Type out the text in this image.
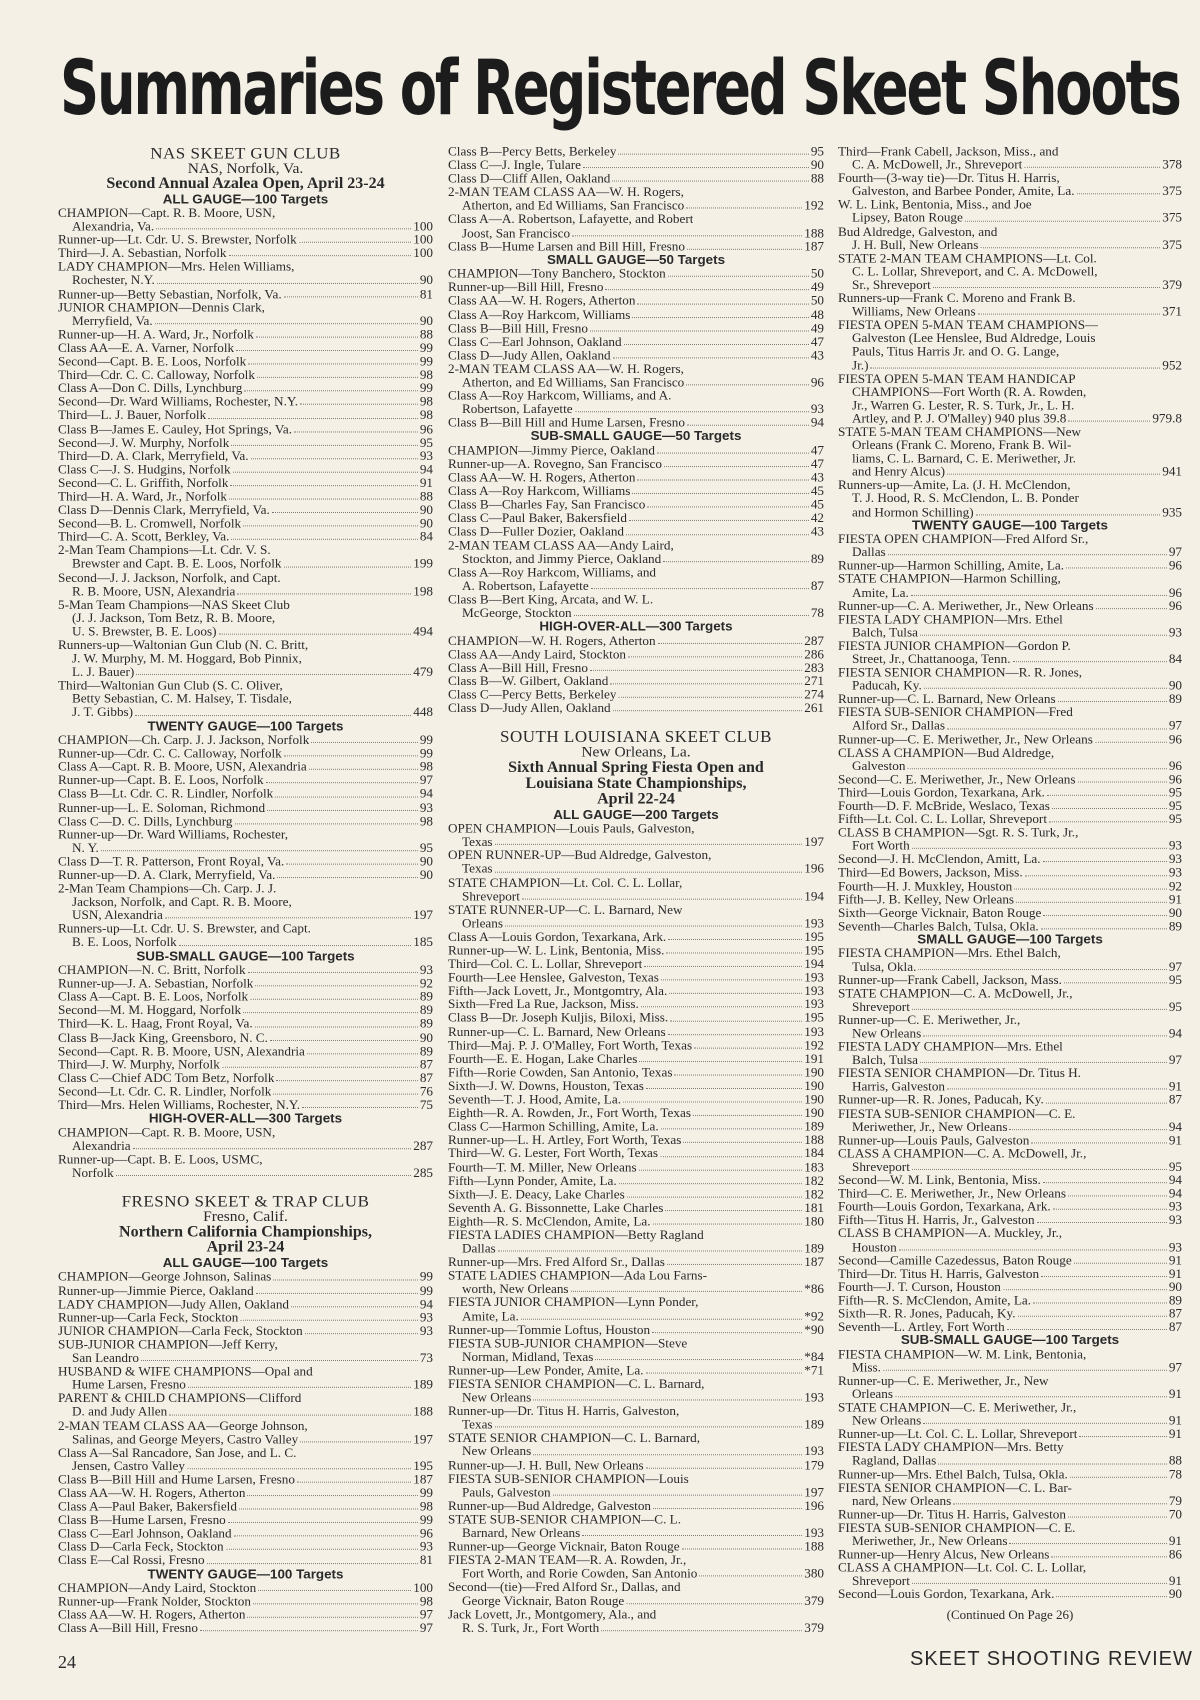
Summaries of Registered Skeet Shoots

NAS SKEET GUN CLUB

NAS, Norfolk, Va.

Second Annual Azalea Open, April 23-24

ALL GAUGE—100 Targets

CHAMPION—Capt. R. B. Moore, USN,

Alexandria, Va.	100

Runner-up—Lt. Cdr. U. S. Brewster, Norfolk	100

Third—J. A. Sebastian, Norfolk	100

LADY CHAMPION—Mrs. Helen Williams,

Rochester, N.Y.	90

Runner-up—Betty Sebastian, Norfolk, Va.	81

JUNIOR CHAMPION—Dennis Clark,

Merryfield, Va.	90

Runner-up—H. A. Ward, Jr., Norfolk	88

Class AA—E. A. Varner, Norfolk	99

Second—Capt. B. E. Loos, Norfolk	99

Third—Cdr. C. C. Calloway, Norfolk	98

Class A—Don C. Dills, Lynchburg	99

Second—Dr. Ward Williams, Rochester, N.Y.	98

Third—L. J. Bauer, Norfolk	98

Class B—James E. Cauley, Hot Springs, Va.	96

Second—J. W. Murphy, Norfolk	95

Third—D. A. Clark, Merryfield, Va.	93

Class C—J. S. Hudgins, Norfolk	94

Second—C. L. Griffith, Norfolk	91

Third—H. A. Ward, Jr., Norfolk	88

Class D—Dennis Clark, Merryfield, Va.	90

Second—B. L. Cromwell, Norfolk	90

Third—C. A. Scott, Berkley, Va.	84

2-Man Team Champions—Lt. Cdr. V. S.

Brewster and Capt. B. E. Loos, Norfolk	199

Second—J. J. Jackson, Norfolk, and Capt.

R. B. Moore, USN, Alexandria	198

5-Man Team Champions—NAS Skeet Club

(J. J. Jackson, Tom Betz, R. B. Moore,

U. S. Brewster, B. E. Loos)	494

Runners-up—Waltonian Gun Club (N. C. Britt,

J. W. Murphy, M. M. Hoggard, Bob Pinnix,

L. J. Bauer)	479

Third—Waltonian Gun Club (S. C. Oliver,

Betty Sebastian, C. M. Halsey, T. Tisdale,

J. T. Gibbs)	448

TWENTY GAUGE—100 Targets

CHAMPION—Ch. Carp. J. J. Jackson, Norfolk	99

Runner-up—Cdr. C. C. Calloway, Norfolk	99

Class A—Capt. R. B. Moore, USN, Alexandria	98

Runner-up—Capt. B. E. Loos, Norfolk	97

Class B—Lt. Cdr. C. R. Lindler, Norfolk	94

Runner-up—L. E. Soloman, Richmond	93

Class C—D. C. Dills, Lynchburg	98

Runner-up—Dr. Ward Williams, Rochester,

N. Y.	95

Class D—T. R. Patterson, Front Royal, Va.	90

Runner-up—D. A. Clark, Merryfield, Va.	90

2-Man Team Champions—Ch. Carp. J. J.

Jackson, Norfolk, and Capt. R. B. Moore,

USN, Alexandria	197

Runners-up—Lt. Cdr. U. S. Brewster, and Capt.

B. E. Loos, Norfolk	185

SUB-SMALL GAUGE—100 Targets

CHAMPION—N. C. Britt, Norfolk	93

Runner-up—J. A. Sebastian, Norfolk	92

Class A—Capt. B. E. Loos, Norfolk	89

Second—M. M. Hoggard, Norfolk	89

Third—K. L. Haag, Front Royal, Va.	89

Class B—Jack King, Greensboro, N. C.	90

Second—Capt. R. B. Moore, USN, Alexandria	89

Third—J. W. Murphy, Norfolk	87

Class C—Chief ADC Tom Betz, Norfolk	87

Second—Lt. Cdr. C. R. Lindler, Norfolk	76

Third—Mrs. Helen Williams, Rochester, N.Y.	75

HIGH-OVER-ALL—300 Targets

CHAMPION—Capt. R. B. Moore, USN,

Alexandria	287

Runner-up—Capt. B. E. Loos, USMC,

Norfolk	285

FRESNO SKEET & TRAP CLUB

Fresno, Calif.

Northern California Championships,

April 23-24

ALL GAUGE—100 Targets

CHAMPION—George Johnson, Salinas	99

Runner-up—Jimmie Pierce, Oakland	99

LADY CHAMPION—Judy Allen, Oakland	94

Runner-up—Carla Feck, Stockton	93

JUNIOR CHAMPION—Carla Feck, Stockton	93

SUB-JUNIOR CHAMPION—Jeff Kerry,

San Leandro	73

HUSBAND & WIFE CHAMPIONS—Opal and

Hume Larsen, Fresno	189

PARENT & CHILD CHAMPIONS—Clifford

D. and Judy Allen	188

2-MAN TEAM CLASS AA—George Johnson,

Salinas, and George Meyers, Castro Valley	197

Class A—Sal Rancadore, San Jose, and L. C.

Jensen, Castro Valley	195

Class B—Bill Hill and Hume Larsen, Fresno	187

Class AA—W. H. Rogers, Atherton	99

Class A—Paul Baker, Bakersfield	98

Class B—Hume Larsen, Fresno	99

Class C—Earl Johnson, Oakland	96

Class D—Carla Feck, Stockton	93

Class E—Cal Rossi, Fresno	81

TWENTY GAUGE—100 Targets

CHAMPION—Andy Laird, Stockton	100

Runner-up—Frank Nolder, Stockton	98

Class AA—W. H. Rogers, Atherton	97

Class A—Bill Hill, Fresno	97

Class B—Percy Betts, Berkeley	95

Class C—J. Ingle, Tulare	90

Class D—Cliff Allen, Oakland	88

2-MAN TEAM CLASS AA—W. H. Rogers,

Atherton, and Ed Williams, San Francisco	192

Class A—A. Robertson, Lafayette, and Robert

Joost, San Francisco	188

Class B—Hume Larsen and Bill Hill, Fresno	187

SMALL GAUGE—50 Targets

CHAMPION—Tony Banchero, Stockton	50

Runner-up—Bill Hill, Fresno	49

Class AA—W. H. Rogers, Atherton	50

Class A—Roy Harkcom, Williams	48

Class B—Bill Hill, Fresno	49

Class C—Earl Johnson, Oakland	47

Class D—Judy Allen, Oakland	43

2-MAN TEAM CLASS AA—W. H. Rogers,

Atherton, and Ed Williams, San Francisco	96

Class A—Roy Harkcom, Williams, and A.

Robertson, Lafayette	93

Class B—Bill Hill and Hume Larsen, Fresno	94

SUB-SMALL GAUGE—50 Targets

CHAMPION—Jimmy Pierce, Oakland	47

Runner-up—A. Rovegno, San Francisco	47

Class AA—W. H. Rogers, Atherton	43

Class A—Roy Harkcom, Williams	45

Class B—Charles Fay, San Francisco	45

Class C—Paul Baker, Bakersfield	42

Class D—Fuller Dozier, Oakland	43

2-MAN TEAM CLASS AA—Andy Laird,

Stockton, and Jimmy Pierce, Oakland	89

Class A—Roy Harkcom, Williams, and

A. Robertson, Lafayette	87

Class B—Bert King, Arcata, and W. L.

McGeorge, Stockton	78

HIGH-OVER-ALL—300 Targets

CHAMPION—W. H. Rogers, Atherton	287

Class AA—Andy Laird, Stockton	286

Class A—Bill Hill, Fresno	283

Class B—W. Gilbert, Oakland	271

Class C—Percy Betts, Berkeley	274

Class D—Judy Allen, Oakland	261

SOUTH LOUISIANA SKEET CLUB

New Orleans, La.

Sixth Annual Spring Fiesta Open and

Louisiana State Championships,

April 22-24

ALL GAUGE—200 Targets

OPEN CHAMPION—Louis Pauls, Galveston,

Texas	197

OPEN RUNNER-UP—Bud Aldredge, Galveston,

Texas	196

STATE CHAMPION—Lt. Col. C. L. Lollar,

Shreveport	194

STATE RUNNER-UP—C. L. Barnard, New

Orleans	193

Class A—Louis Gordon, Texarkana, Ark.	195

Runner-up—W. L. Link, Bentonia, Miss.	195

Third—Col. C. L. Lollar, Shreveport	194

Fourth—Lee Henslee, Galveston, Texas	193

Fifth—Jack Lovett, Jr., Montgomtry, Ala.	193

Sixth—Fred La Rue, Jackson, Miss.	193

Class B—Dr. Joseph Kuljis, Biloxi, Miss.	195

Runner-up—C. L. Barnard, New Orleans	193

Third—Maj. P. J. O'Malley, Fort Worth, Texas	192

Fourth—E. E. Hogan, Lake Charles	191

Fifth—Rorie Cowden, San Antonio, Texas	190

Sixth—J. W. Downs, Houston, Texas	190

Seventh—T. J. Hood, Amite, La.	190

Eighth—R. A. Rowden, Jr., Fort Worth, Texas	190

Class C—Harmon Schilling, Amite, La.	189

Runner-up—L. H. Artley, Fort Worth, Texas	188

Third—W. G. Lester, Fort Worth, Texas	184

Fourth—T. M. Miller, New Orleans	183

Fifth—Lynn Ponder, Amite, La.	182

Sixth—J. E. Deacy, Lake Charles	182

Seventh A. G. Bissonnette, Lake Charles	181

Eighth—R. S. McClendon, Amite, La.	180

FIESTA LADIES CHAMPION—Betty Ragland

Dallas	189

Runner-up—Mrs. Fred Alford Sr., Dallas	187

STATE LADIES CHAMPION—Ada Lou Farns-

worth, New Orleans	*86

FIESTA JUNIOR CHAMPION—Lynn Ponder,

Amite, La.	*92

Runner-up—Tommie Loftus, Houston	*90

FIESTA SUB-JUNIOR CHAMPION—Steve

Norman, Midland, Texas	*84

Runner-up—Lew Ponder, Amite, La.	*71

FIESTA SENIOR CHAMPION—C. L. Barnard,

New Orleans	193

Runner-up—Dr. Titus H. Harris, Galveston,

Texas	189

STATE SENIOR CHAMPION—C. L. Barnard,

New Orleans	193

Runner-up—J. H. Bull, New Orleans	179

FIESTA SUB-SENIOR CHAMPION—Louis

Pauls, Galveston	197

Runner-up—Bud Aldredge, Galveston	196

STATE SUB-SENIOR CHAMPION—C. L.

Barnard, New Orleans	193

Runner-up—George Vicknair, Baton Rouge	188

FIESTA 2-MAN TEAM—R. A. Rowden, Jr.,

Fort Worth, and Rorie Cowden, San Antonio	380

Second—(tie)—Fred Alford Sr., Dallas, and

George Vicknair, Baton Rouge	379

Jack Lovett, Jr., Montgomery, Ala., and

R. S. Turk, Jr., Fort Worth	379

Third—Frank Cabell, Jackson, Miss., and

C. A. McDowell, Jr., Shreveport	378

Fourth—(3-way tie)—Dr. Titus H. Harris,

Galveston, and Barbee Ponder, Amite, La.	375

W. L. Link, Bentonia, Miss., and Joe

Lipsey, Baton Rouge	375

Bud Aldredge, Galveston, and

J. H. Bull, New Orleans	375

STATE 2-MAN TEAM CHAMPIONS—Lt. Col.

C. L. Lollar, Shreveport, and C. A. McDowell,

Sr., Shreveport	379

Runners-up—Frank C. Moreno and Frank B.

Williams, New Orleans	371

FIESTA OPEN 5-MAN TEAM CHAMPIONS—

Galveston (Lee Henslee, Bud Aldredge, Louis

Pauls, Titus Harris Jr. and O. G. Lange,

Jr.)	952

FIESTA OPEN 5-MAN TEAM HANDICAP

CHAMPIONS—Fort Worth (R. A. Rowden,

Jr., Warren G. Lester, R. S. Turk, Jr., L. H.

Artley, and P. J. O'Malley) 940 plus 39.8	979.8

STATE 5-MAN TEAM CHAMPIONS—New

Orleans (Frank C. Moreno, Frank B. Wil-

liams, C. L. Barnard, C. E. Meriwether, Jr.

and Henry Alcus)	941

Runners-up—Amite, La. (J. H. McClendon,

T. J. Hood, R. S. McClendon, L. B. Ponder

and Hormon Schilling)	935

TWENTY GAUGE—100 Targets

FIESTA OPEN CHAMPION—Fred Alford Sr.,

Dallas	97

Runner-up—Harmon Schilling, Amite, La.	96

STATE CHAMPION—Harmon Schilling,

Amite, La.	96

Runner-up—C. A. Meriwether, Jr., New Orleans	96

FIESTA LADY CHAMPION—Mrs. Ethel

Balch, Tulsa	93

FIESTA JUNIOR CHAMPION—Gordon P.

Street, Jr., Chattanooga, Tenn.	84

FIESTA SENIOR CHAMPION—R. R. Jones,

Paducah, Ky.	90

Runner-up—C. L. Barnard, New Orleans	89

FIESTA SUB-SENIOR CHAMPION—Fred

Alford Sr., Dallas	97

Runner-up—C. E. Meriwether, Jr., New Orleans	96

CLASS A CHAMPION—Bud Aldredge,

Galveston	96

Second—C. E. Meriwether, Jr., New Orleans	96

Third—Louis Gordon, Texarkana, Ark.	95

Fourth—D. F. McBride, Weslaco, Texas	95

Fifth—Lt. Col. C. L. Lollar, Shreveport	95

CLASS B CHAMPION—Sgt. R. S. Turk, Jr.,

Fort Worth	93

Second—J. H. McClendon, Amitt, La.	93

Third—Ed Bowers, Jackson, Miss.	93

Fourth—H. J. Muxkley, Houston	92

Fifth—J. B. Kelley, New Orleans	91

Sixth—George Vicknair, Baton Rouge	90

Seventh—Charles Balch, Tulsa, Okla.	89

SMALL GAUGE—100 Targets

FIESTA CHAMPION—Mrs. Ethel Balch,

Tulsa, Okla.	97

Runner-up—Frank Cabell, Jackson, Mass.	95

STATE CHAMPION—C. A. McDowell, Jr.,

Shreveport	95

Runner-up—C. E. Meriwether, Jr.,

New Orleans	94

FIESTA LADY CHAMPION—Mrs. Ethel

Balch, Tulsa	97

FIESTA SENIOR CHAMPION—Dr. Titus H.

Harris, Galveston	91

Runner-up—R. R. Jones, Paducah, Ky.	87

FIESTA SUB-SENIOR CHAMPION—C. E.

Meriwether, Jr., New Orleans	94

Runner-up—Louis Pauls, Galveston	91

CLASS A CHAMPION—C. A. McDowell, Jr.,

Shreveport	95

Second—W. M. Link, Bentonia, Miss.	94

Third—C. E. Meriwether, Jr., New Orleans	94

Fourth—Louis Gordon, Texarkana, Ark.	93

Fifth—Titus H. Harris, Jr., Galveston	93

CLASS B CHAMPION—A. Muckley, Jr.,

Houston	93

Second—Camille Cazedessus, Baton Rouge	91

Third—Dr. Titus H. Harris, Galveston	91

Fourth—J. T. Curson, Houston	90

Fifth—R. S. McClendon, Amite, La.	89

Sixth—R. R. Jones, Paducah, Ky.	87

Seventh—L. Artley, Fort Worth	87

SUB-SMALL GAUGE—100 Targets

FIESTA CHAMPION—W. M. Link, Bentonia,

Miss.	97

Runner-up—C. E. Meriwether, Jr., New

Orleans	91

STATE CHAMPION—C. E. Meriwether, Jr.,

New Orleans	91

Runner-up—Lt. Col. C. L. Lollar, Shreveport	91

FIESTA LADY CHAMPION—Mrs. Betty

Ragland, Dallas	88

Runner-up—Mrs. Ethel Balch, Tulsa, Okla.	78

FIESTA SENIOR CHAMPION—C. L. Bar-

nard, New Orleans	79

Runner-up—Dr. Titus H. Harris, Galveston	70

FIESTA SUB-SENIOR CHAMPION—C. E.

Meriwether, Jr., New Orleans	91

Runner-up—Henry Alcus, New Orleans	86

CLASS A CHAMPION—Lt. Col. C. L. Lollar,

Shreveport	91

Second—Louis Gordon, Texarkana, Ark.	90

(Continued On Page 26)

24	SKEET SHOOTING REVIEW
